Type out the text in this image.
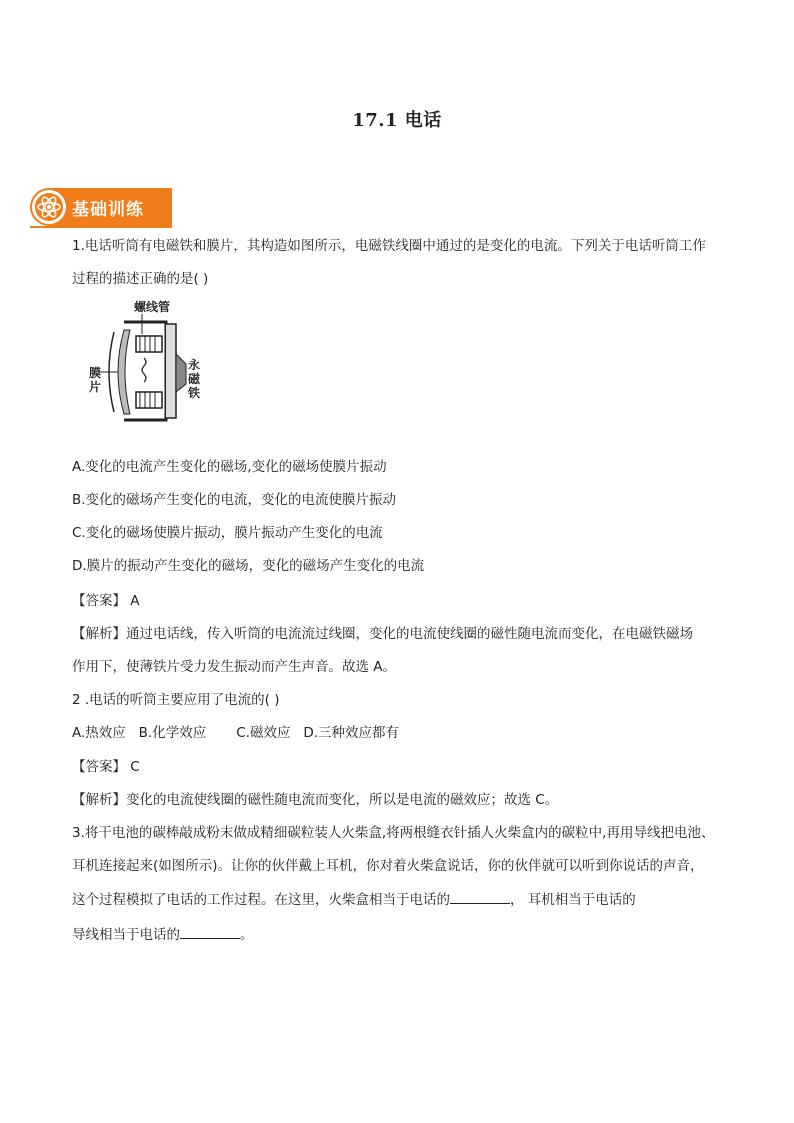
17.1 电话
基础训练
1.电话听筒有电磁铁和膜片，其构造如图所示，电磁铁线圈中通过的是变化的电流。下列关于电话听筒工作
过程的描述正确的是( )
螺线管
膜
片
永
磁
铁
A.变化的电流产生变化的磁场,变化的磁场使膜片振动
B.变化的磁场产生变化的电流，变化的电流使膜片振动
C.变化的磁场使膜片振动，膜片振动产生变化的电流
D.膜片的振动产生变化的磁场，变化的磁场产生变化的电流
【答案】 A
【解析】通过电话线，传入听筒的电流流过线圈，变化的电流使线圈的磁性随电流而变化，在电磁铁磁场
作用下，使薄铁片受力发生振动而产生声音。故选 A。
2 .电话的听筒主要应用了电流的( )
A.热效应   B.化学效应       C.磁效应   D.三种效应都有
【答案】 C
【解析】变化的电流使线圈的磁性随电流而变化，所以是电流的磁效应；故选 C。
3.将干电池的碳棒敲成粉末做成精细碳粒装人火柴盒,将两根缝衣针插人火柴盒内的碳粒中,再用导线把电池、
耳机连接起来(如图所示)。让你的伙伴戴上耳机，你对着火柴盒说话，你的伙伴就可以听到你说话的声音，
这个过程模拟了电话的工作过程。在这里，火柴盒相当于电话的	， 耳机相当于电话的
导线相当于电话的	。
